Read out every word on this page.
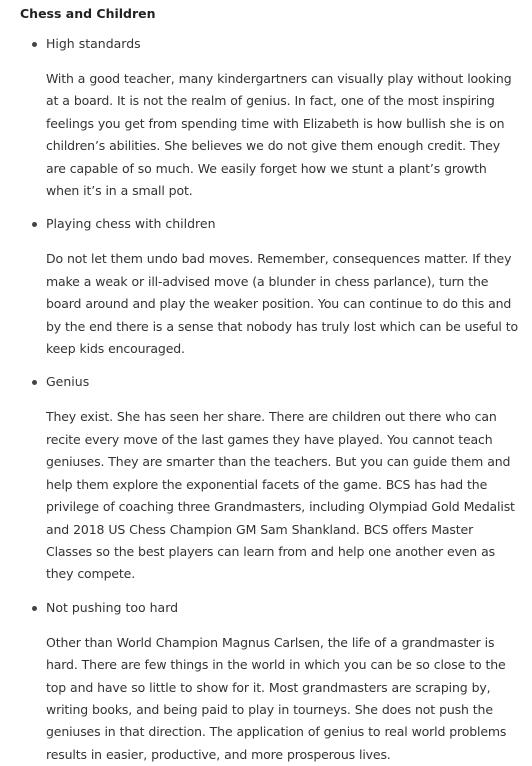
Chess and Children
High standards

With a good teacher, many kindergartners can visually play without looking at a board. It is not the realm of genius. In fact, one of the most inspiring feelings you get from spending time with Elizabeth is how bullish she is on children’s abilities. She believes we do not give them enough credit. They are capable of so much. We easily forget how we stunt a plant’s growth when it’s in a small pot.

Playing chess with children

Do not let them undo bad moves. Remember, consequences matter. If they make a weak or ill-advised move (a blunder in chess parlance), turn the board around and play the weaker position. You can continue to do this and by the end there is a sense that nobody has truly lost which can be useful to keep kids encouraged.

Genius

They exist. She has seen her share. There are children out there who can recite every move of the last games they have played. You cannot teach geniuses. They are smarter than the teachers. But you can guide them and help them explore the exponential facets of the game. BCS has had the privilege of coaching three Grandmasters, including Olympiad Gold Medalist and 2018 US Chess Champion GM Sam Shankland. BCS offers Master Classes so the best players can learn from and help one another even as they compete.

Not pushing too hard

Other than World Champion Magnus Carlsen, the life of a grandmaster is hard. There are few things in the world in which you can be so close to the top and have so little to show for it. Most grandmasters are scraping by, writing books, and being paid to play in tourneys. She does not push the geniuses in that direction. The application of genius to real world problems results in easier, productive, and more prosperous lives.
